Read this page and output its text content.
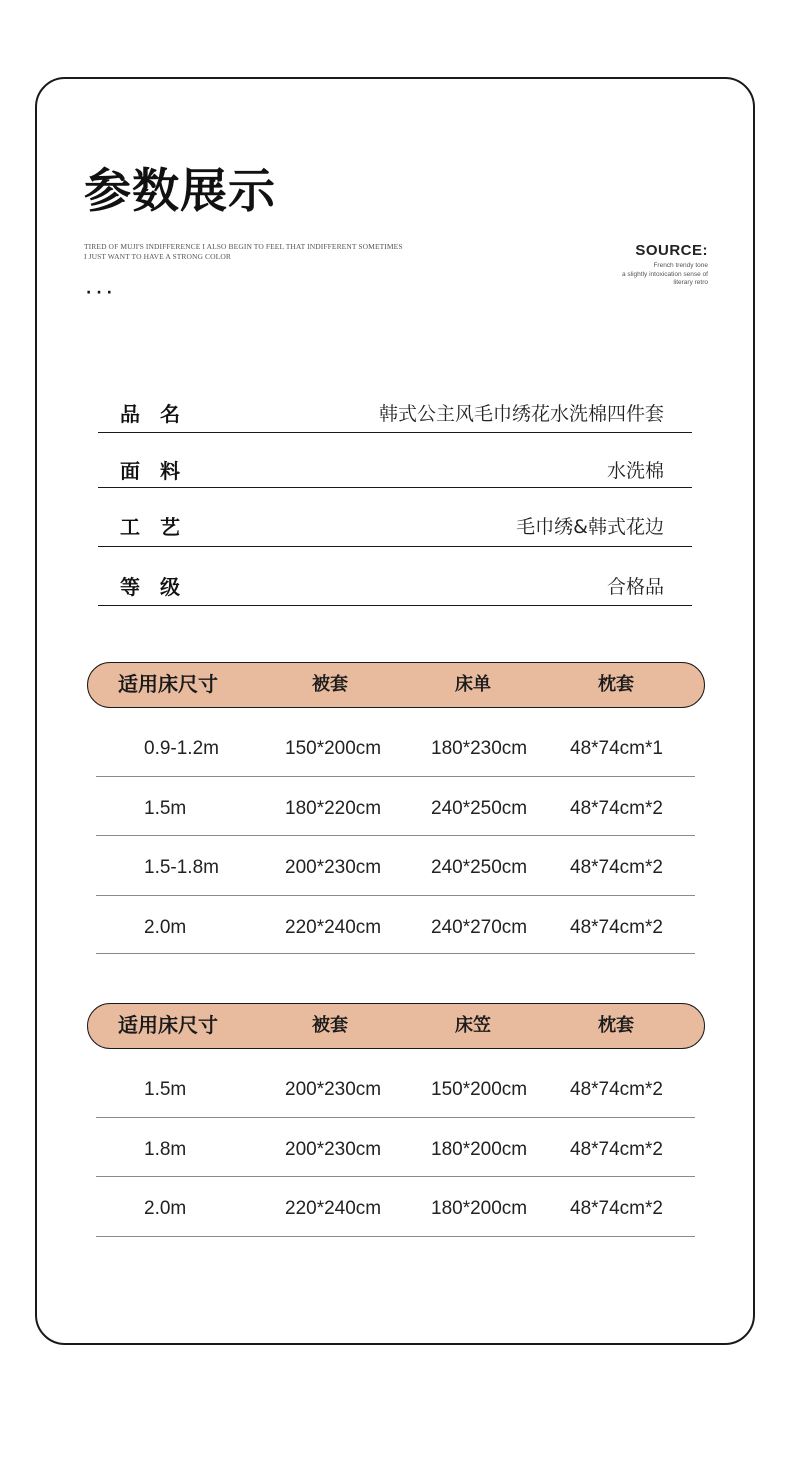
参数展示
TIRED OF MUJI'S INDIFFERENCE I ALSO BEGIN TO FEEL THAT INDIFFERENT SOMETIMES
I JUST WANT TO HAVE A STRONG COLOR
···
SOURCE:
French trendy tone
a slightly intoxication sense of
literary retro
品名	韩式公主风毛巾绣花水洗棉四件套
面料	水洗棉
工艺	毛巾绣&韩式花边
等级	合格品
适用床尺寸	被套	床单	枕套
0.9-1.2m	150*200cm	180*230cm 48*74cm*1
1.5m	180*220cm	240*250cm 48*74cm*2
1.5-1.8m	200*230cm	240*250cm 48*74cm*2
2.0m	220*240cm	240*270cm 48*74cm*2
适用床尺寸	被套	床笠	枕套
1.5m	200*230cm	150*200cm 48*74cm*2
1.8m	200*230cm	180*200cm 48*74cm*2
2.0m	220*240cm	180*200cm 48*74cm*2
